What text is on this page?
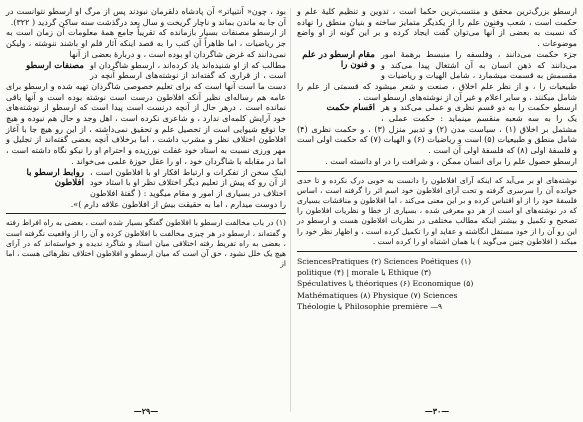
بود ، چون« آنتیپاتر» آن پادشاه دلقرمان نبودند پس از مرگ او ارسطو نتوانست در آن جا به ماندن بماند و ناچار گریخت و سال بعد درگذشت سنه ساکن گردید ( ۳۲۲).

از ارسطو مصنفات بسیار بازمانده که تقریباً جامع همهٔ معلومات آن زمان است به جز ریاضیات ، اما ظاهراً آن کتب را به قصد اینکه آثار قلم او باشند ننوشته ، ولیکن نمی‌دانند که غرض شاگردان او بوده است ، و دربارهٔ بعضی از آنها

مصنفات ارسطو مطالب که از او شنیده‌اند یاد کرده‌اند ، ارسطو شاگردان او است ، از قراری که گفته‌اند از نوشته‌های ارسطو آنچه در دست ما است آنها است که برای تعلیم خصوصی شاگردان تهیه شده و ارسطو برای عامه هم رساله‌ای نظیر آنکه افلاطون درست است نوشته بوده است و آنها باقی نمانده است . درهر حال از آنچه درنست است پیدا است که ارسطو از نوشته‌های خود آرایش کلمه‌ای ندارد ، و شاعری نکرده است ، اهل وجد و حال هم نبوده و هیچ جا توقع شیوایی است از تحصیل علم و تحقیق نمی‌داشته ، از این رو هیچ جا با آغاز افلاطون اختلاف نظر و مشرب داشت ، اما برخلاف آنچه بعضی گفته‌اند از تجلیل و مهر ورزی نسبت به استاد خود غفلت نورزیده و احترام او را نیکو نگاه داشته است ، اما در مقابله با شاگردان خود ، او را عقل حوزهٔ علمی می‌خواند .

روابط ارسطو با افلاطون

اینک سخن از تفکرات و ارتباط افکار او با افلاطون است ، از آن رو که پیش از تعلیم دیگر اختلاف نظر او با استاد خود اختلاف در بسیاری از امور و مقام میگوید : ( گفتهٔ افلاطون را دوست میدارم ، اما به حقیقت بیش از افلاطون علاقه دارم )».

(۱) در باب مخالفت ارسطو با افلاطون گفتگو بسیار شده است ، بعضی به راه افراط رفته و گفته‌اند ، ارسطو در هر چیزی مخالفت با افلاطون کرده و آن را از واقعیت نگرفته است ، بعضی به راه تفریط رفته اختلافی میان استاد و شاگرد ندیده و خواسته‌اند که در آرای هیچ یک خلل نشود ، حق آن است که میان ارسطو و افلاطون اختلاف نظرهائی هست ، اما از

—۲۹—

ارسطو بزرگ‌ترین محقق و منتسب‌ترین حکما است ، تدوین و تنظیم کلیهٔ علم و حکمت است ، شعب وفنون علم را از یکدیگر متمایز ساخته و بنیان منطق را نهاده که نسبت به بعضی از آنها می‌توان گفت ایجاد کرده و بر این گونه از او واضع موضوعات .

مقام ارسطو در علم و فنون را

جزء حکمت می‌دانند ، وفلسفه را منبسط برهمهٔ امور می‌دانند که ذهن انسان به آن اشتغال پیدا می‌کند و مقسمش به قسمت میشمارد ، شامل الهیات و ریاضیات و طبیعیات را ، و از نظر علم اخلاق ، صنعت و شعر میشود که قسمتی از علم را شامل میکنند ، و سایر اعلام و غیر آن از نوشته‌های ارسطو است .

اقسام حکمت ارسطو حکمت را به دو قسم نظری و عملی می‌کند و هر یک را به سه شعبه منقسم مینماید : حکمت عملی ، مشتمل بر اخلاق (۱) ، سیاست مدن (۲) و تدبیر منزل (۳) ، و حکمت نظری (۴) شامل منطق و طبیعیات (۵) است و ریاضیات (۶) و الهیات (۷) که حکمت اولی است و فلسفهٔ اولی (۸) که فلسفهٔ اولی آن است .

ارسطو حصول علم را برای انسان ممکن ، و شرافت را در او دانسته است .

نوشته‌های او بر می‌آید که اینکه آرای افلاطون را دانست به خوبی درک نکرده و تا حدی خوانده آن را سرسری گرفته و تحت آرای افلاطون خود اسم اثر را گرفته است ، اساس فلسفهٔ خود را از او اقتباس کرده و بر این معنی می‌کند ، اما افلاطون و مناقشات بسیاری که در نوشته‌های او است از هر دو معرفی شده ، بسیاری از خطا و نظریات افلاطون را تصحیح و تکمیل و بیشتر اینکه مطالب مختلفی در نظریات افلاطون هست و ارسطو در این رو آن را از خود مستقل انگاشته و عقاید او را تکمیل کرده است ، و اظهار نظر خود را میکند ( افلاطون چنین می‌گوید ) یا همان اشتباه او را کرده است .

SciencesPratiques (۲) Sciences Poétiques (۱)
politique (۴) | morale یا Ethique (۳)
Spéculatives یا théoriques (۶) Economique (۵)
Mathématiques (۸) Physique (۷) Sciences
Théologie یا Philosophie première —۹
—۳۰—
